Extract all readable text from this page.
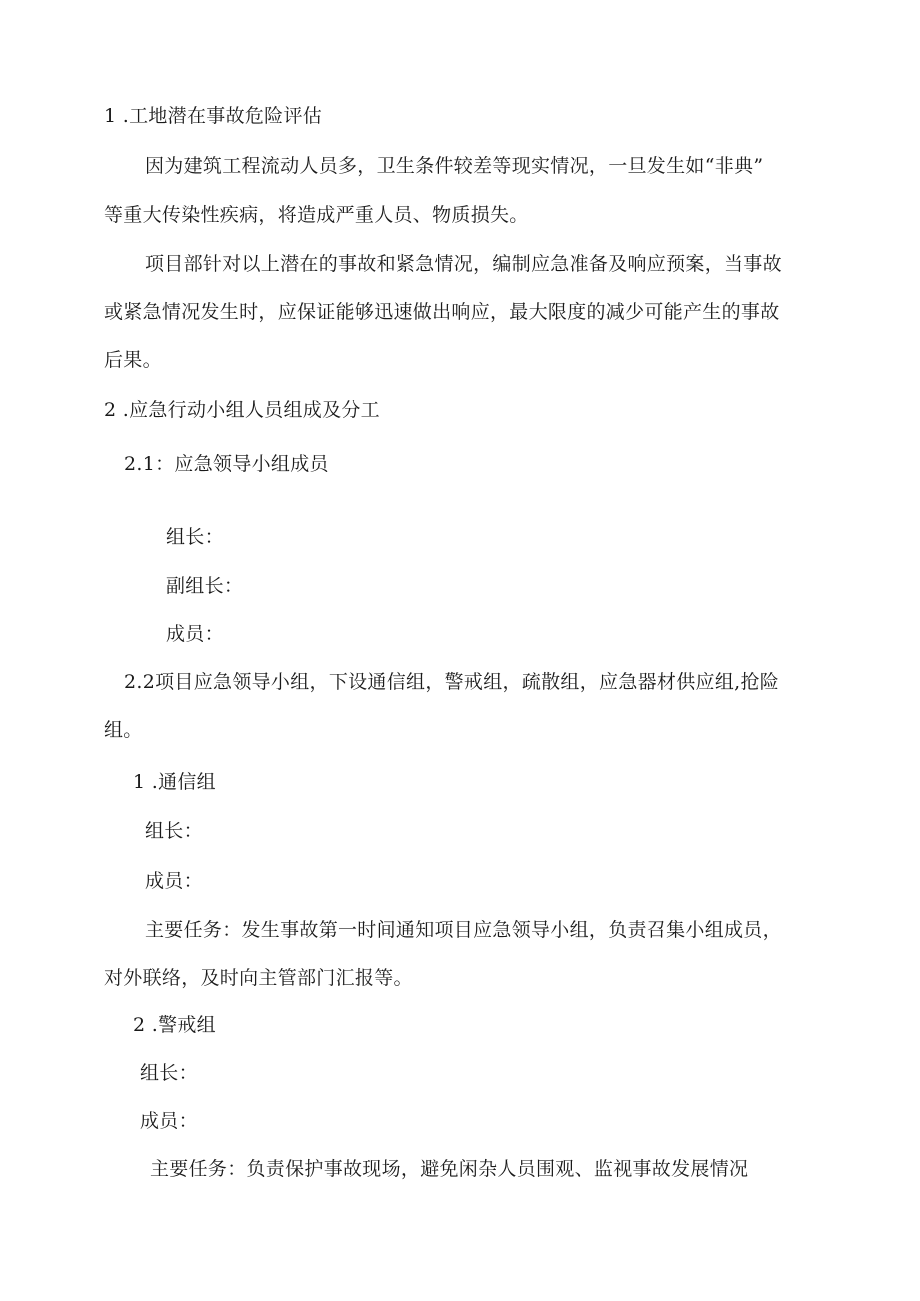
1 .工地潜在事故危险评估
因为建筑工程流动人员多，卫生条件较差等现实情况，一旦发生如“非典”
等重大传染性疾病，将造成严重人员、物质损失。
项目部针对以上潜在的事故和紧急情况，编制应急准备及响应预案，当事故
或紧急情况发生时，应保证能够迅速做出响应，最大限度的减少可能产生的事故
后果。
2 .应急行动小组人员组成及分工
2.1：应急领导小组成员
组长：
副组长：
成员：
2.2项目应急领导小组，下设通信组，警戒组，疏散组，应急器材供应组,抢险
组。
1 .通信组
组长：
成员：
主要任务：发生事故第一时间通知项目应急领导小组，负责召集小组成员，
对外联络，及时向主管部门汇报等。
2 .警戒组
组长：
成员：
主要任务：负责保护事故现场，避免闲杂人员围观、监视事故发展情况
